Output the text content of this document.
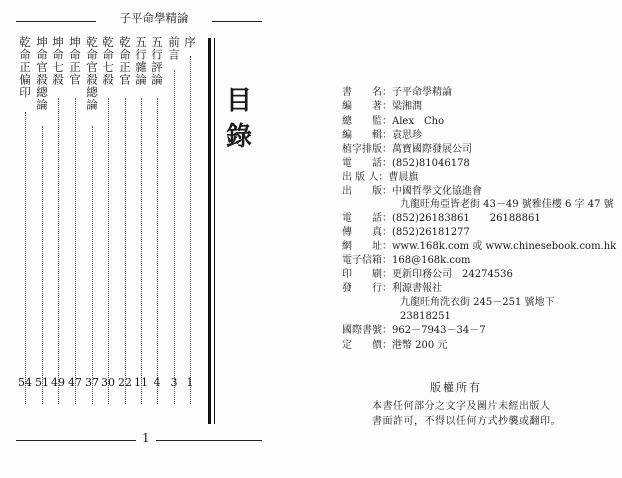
子平命學精論
序
1
前言
3
五行評論
4
五行雜論
11
乾命正官
22
乾命七殺
30
乾命官殺總論
37
坤命正官
47
坤命七殺
49
坤命官殺總論
51
乾命正偏印
54
目
錄
1
書　　名：子平命學精論
編　　著：梁湘潤
總　　監：Alex　Cho
編　　輯：袁思珍
植字排版：萬寶國際發展公司
電　　話：(852)81046178
出 版 人：曹晨旗
出　　版：中國哲學文化協進會
九龍旺角亞皆老街 43－49 號雅佳樓 6 字 47 號
電　　話：(852)26183861　　26188861
傳　　真：(852)26181277
網　　址：www.168k.com 或 www.chinesebook.com.hk
電子信箱：168@168k.com
印　　刷：更新印務公司　24274536
發　　行：利源書報社
九龍旺角洗衣街 245－251 號地下
23818251
國際書號：962－7943－34－7
定　　價：港幣 200 元
版權所有
本書任何部分之文字及圖片未經出版人
書面許可，不得以任何方式抄襲或翻印。
